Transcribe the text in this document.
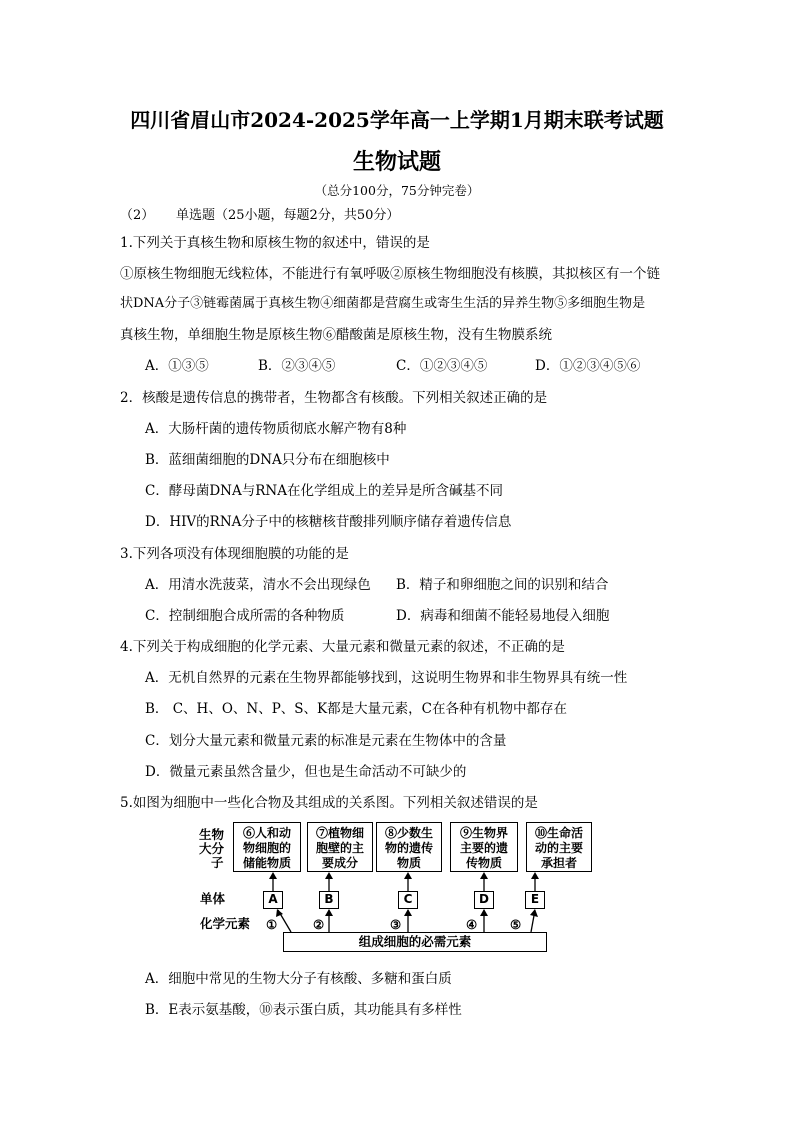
四川省眉山市2024-2025学年高一上学期1月期末联考试题
生物试题
（总分100分，75分钟完卷）
（2） 单选题（25小题，每题2分，共50分）
1.下列关于真核生物和原核生物的叙述中，错误的是
①原核生物细胞无线粒体，不能进行有氧呼吸②原核生物细胞没有核膜，其拟核区有一个链
状DNA分子③链霉菌属于真核生物④细菌都是营腐生或寄生生活的异养生物⑤多细胞生物是
真核生物，单细胞生物是原核生物⑥醋酸菌是原核生物，没有生物膜系统
A．①③⑤	B．②③④⑤	C．①②③④⑤	D．①②③④⑤⑥
2．核酸是遗传信息的携带者，生物都含有核酸。下列相关叙述正确的是
A．大肠杆菌的遗传物质彻底水解产物有8种
B．蓝细菌细胞的DNA只分布在细胞核中
C．酵母菌DNA与RNA在化学组成上的差异是所含碱基不同
D．HIV的RNA分子中的核糖核苷酸排列顺序储存着遗传信息
3.下列各项没有体现细胞膜的功能的是
A．用清水洗菠菜，清水不会出现绿色 B．精子和卵细胞之间的识别和结合
C．控制细胞合成所需的各种物质	D．病毒和细菌不能轻易地侵入细胞
4.下列关于构成细胞的化学元素、大量元素和微量元素的叙述，不正确的是
A．无机自然界的元素在生物界都能够找到，这说明生物界和非生物界具有统一性
B． C、H、O、N、P、S、K都是大量元素，C在各种有机物中都存在
C．划分大量元素和微量元素的标准是元素在生物体中的含量
D．微量元素虽然含量少，但也是生命活动不可缺少的
5.如图为细胞中一些化合物及其组成的关系图。下列相关叙述错误的是
生物
大分
子
单体
化学元素
⑥人和动
物细胞的
储能物质
⑦植物细
胞壁的主
要成分
⑧少数生
物的遗传
物质
⑨生物界
主要的遗
传物质
⑩生命活
动的主要
承担者
A	B	C	D	E
①	②	③	④	⑤
组成细胞的必需元素
A．细胞中常见的生物大分子有核酸、多糖和蛋白质
B．E表示氨基酸，⑩表示蛋白质，其功能具有多样性
